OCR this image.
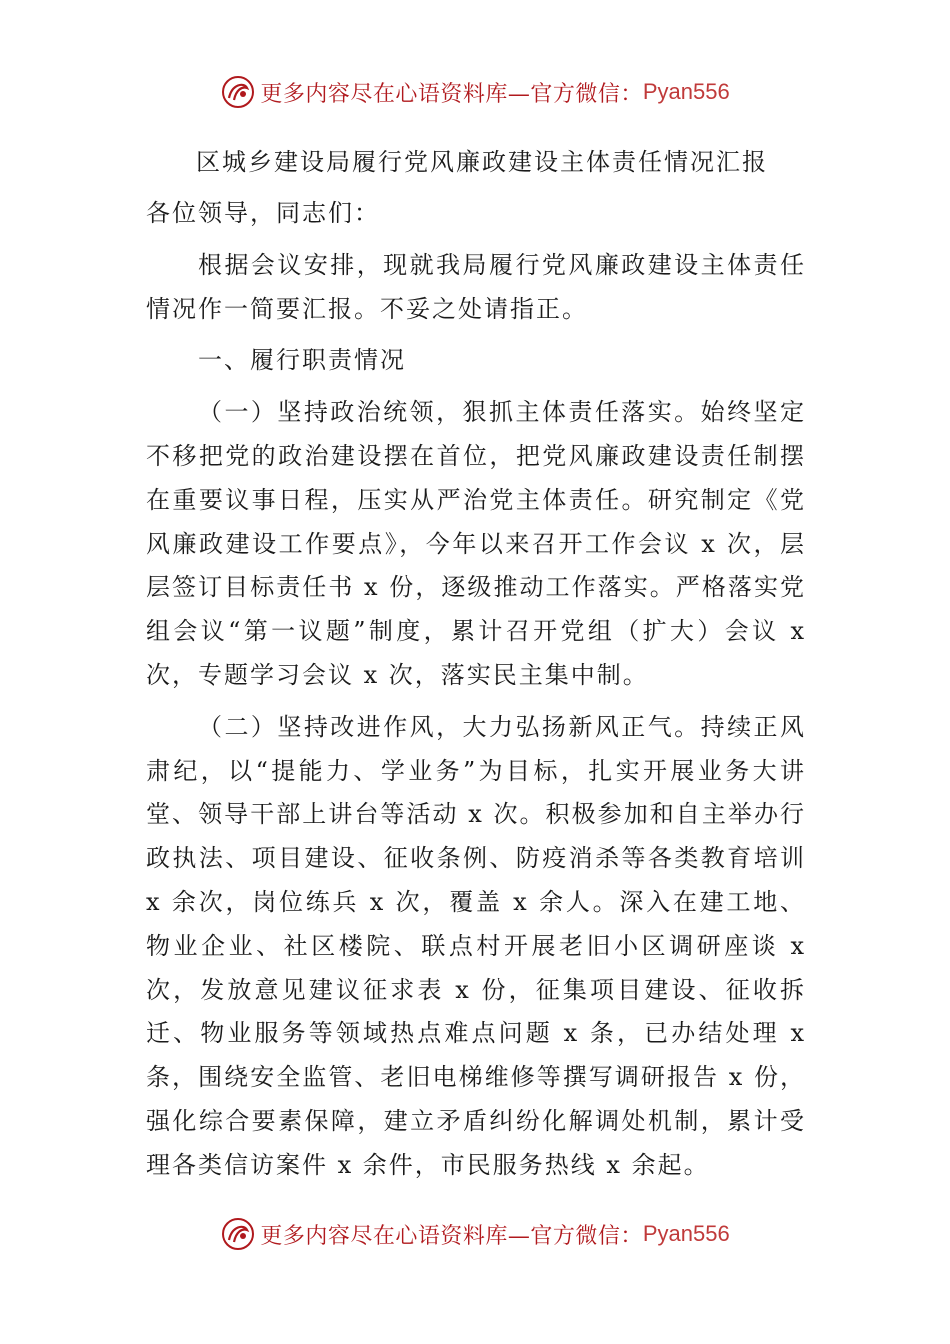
更多内容尽在心语资料库—官方微信： Pyan556
区城乡建设局履行党风廉政建设主体责任情况汇报

各位领导，同志们：

根据会议安排，现就我局履行党风廉政建设主体责任情况作一简要汇报。不妥之处请指正。

一、履行职责情况

（一）坚持政治统领，狠抓主体责任落实。始终坚定不移把党的政治建设摆在首位，把党风廉政建设责任制摆在重要议事日程，压实从严治党主体责任。研究制定《党风廉政建设工作要点》，今年以来召开工作会议 x 次，层层签订目标责任书 x 份，逐级推动工作落实。严格落实党组会议“第一议题”制度，累计召开党组（扩大）会议 x 次，专题学习会议 x 次，落实民主集中制。

（二）坚持改进作风，大力弘扬新风正气。持续正风肃纪，以“提能力、学业务”为目标，扎实开展业务大讲堂、领导干部上讲台等活动 x 次。积极参加和自主举办行政执法、项目建设、征收条例、防疫消杀等各类教育培训 x 余次，岗位练兵 x 次，覆盖 x 余人。深入在建工地、物业企业、社区楼院、联点村开展老旧小区调研座谈 x 次，发放意见建议征求表 x 份，征集项目建设、征收拆迁、物业服务等领域热点难点问题 x 条，已办结处理 x 条，围绕安全监管、老旧电梯维修等撰写调研报告 x 份，强化综合要素保障，建立矛盾纠纷化解调处机制，累计受理各类信访案件 x 余件，市民服务热线 x 余起。

更多内容尽在心语资料库—官方微信： Pyan556
